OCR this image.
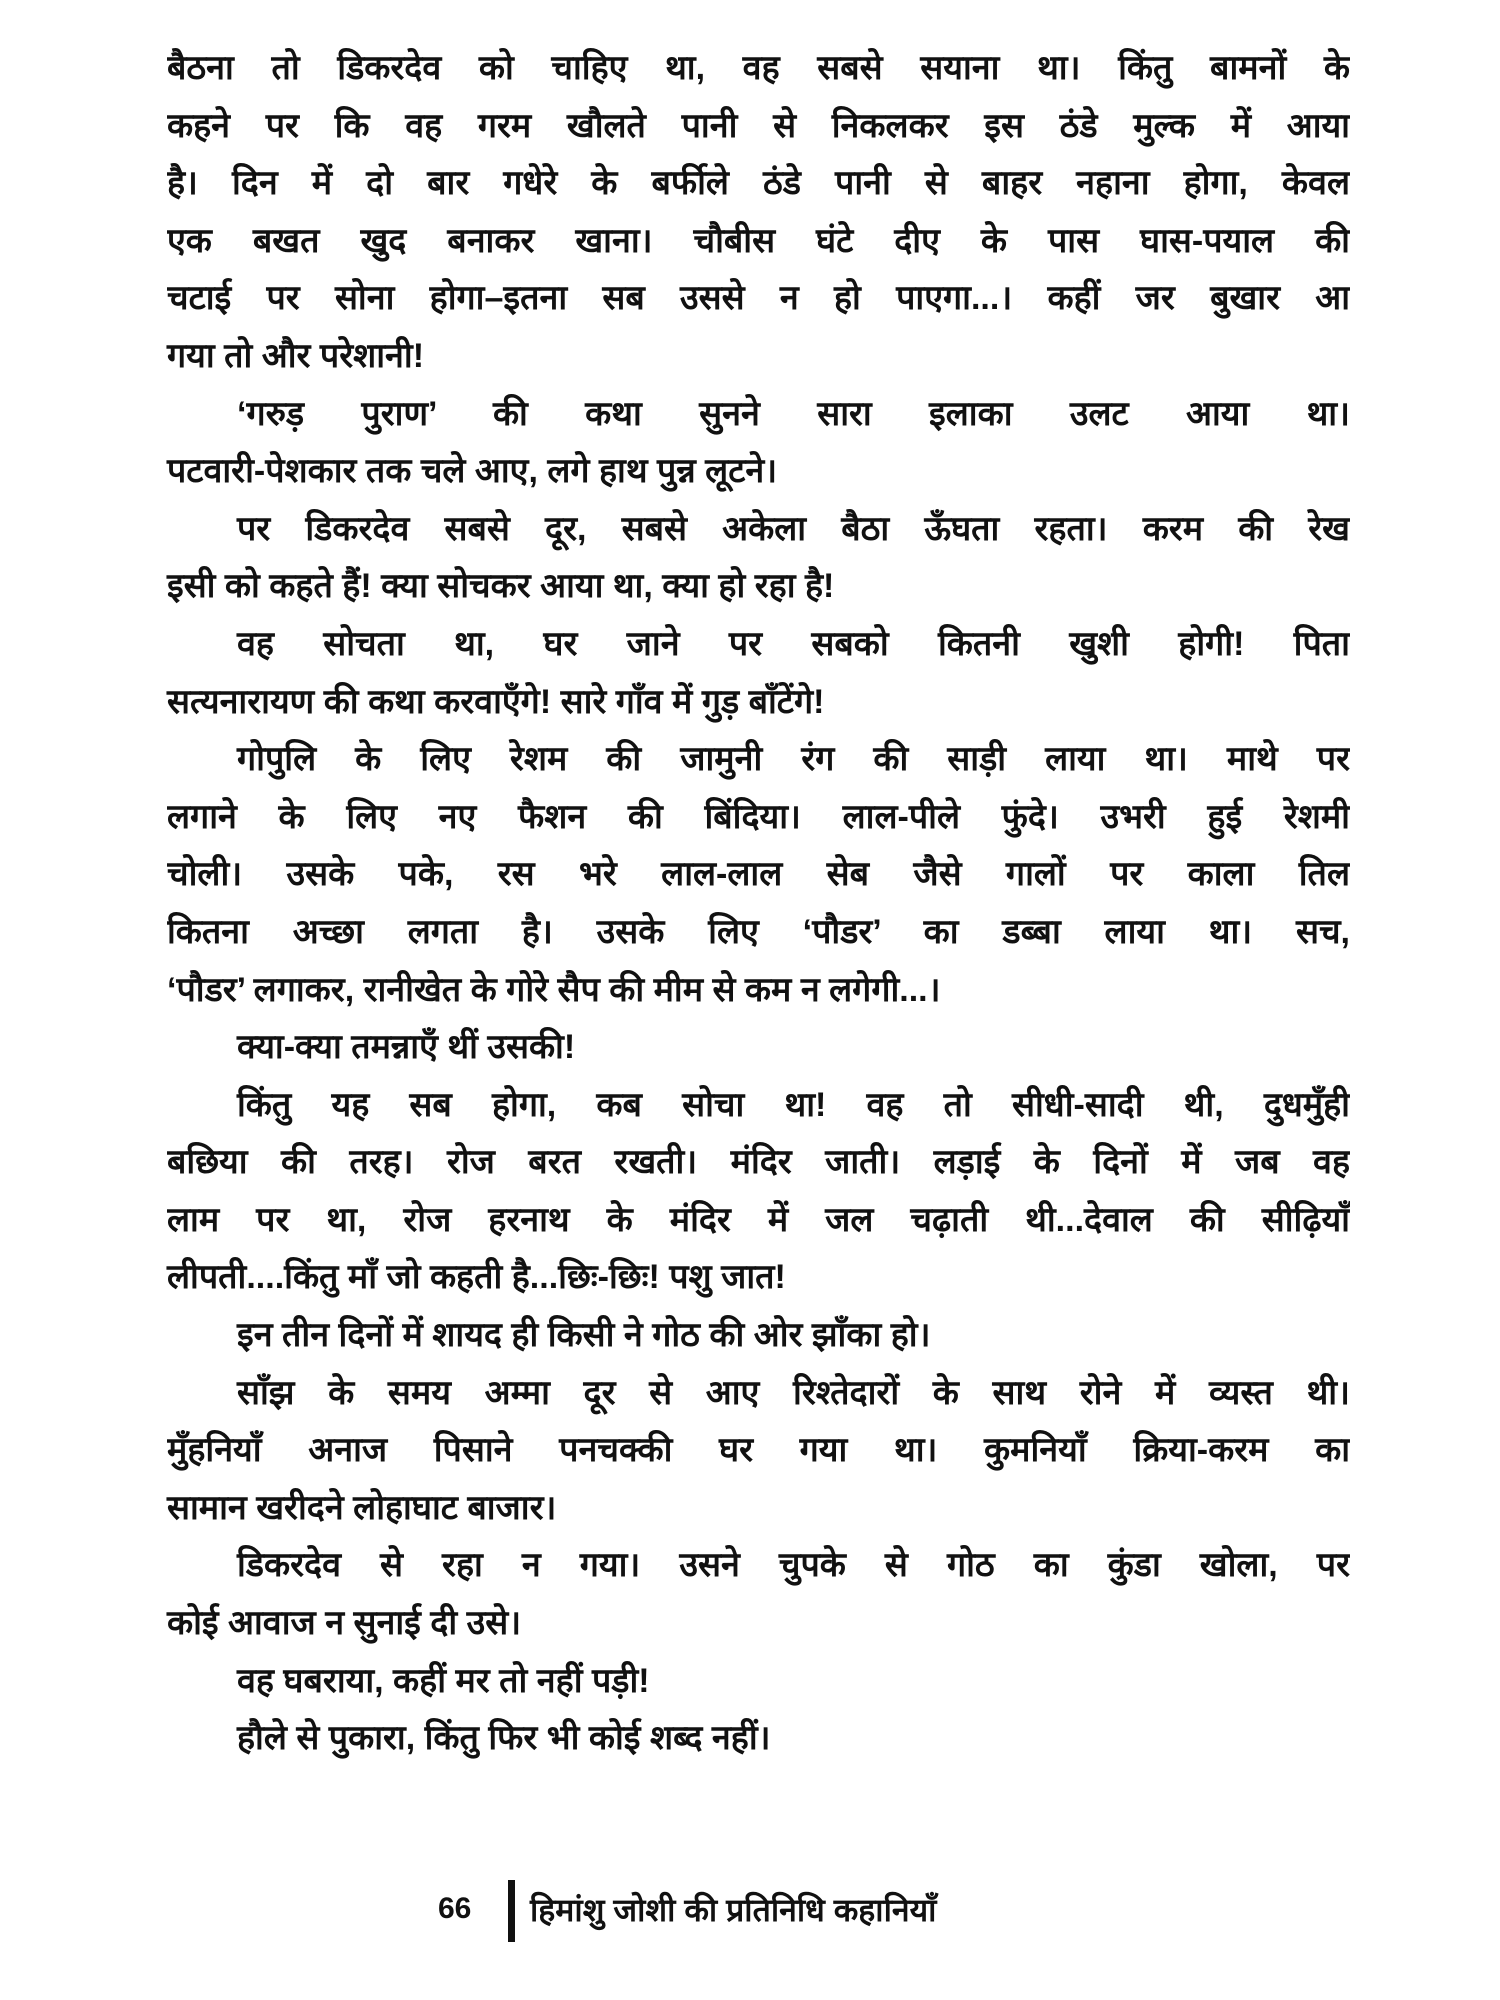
बैठना तो डिकरदेव को चाहिए था, वह सबसे सयाना था। किंतु बामनों के
कहने पर कि वह गरम खौलते पानी से निकलकर इस ठंडे मुल्क में आया
है। दिन में दो बार गधेरे के बर्फीले ठंडे पानी से बाहर नहाना होगा, केवल
एक बखत खुद बनाकर खाना। चौबीस घंटे दीए के पास घास-पयाल की
चटाई पर सोना होगा–इतना सब उससे न हो पाएगा...। कहीं जर बुखार आ
गया तो और परेशानी!
‘गरुड़ पुराण’ की कथा सुनने सारा इलाका उलट आया था।
पटवारी-पेशकार तक चले आए, लगे हाथ पुन्न लूटने।
पर डिकरदेव सबसे दूर, सबसे अकेला बैठा ऊँघता रहता। करम की रेख
इसी को कहते हैं! क्या सोचकर आया था, क्या हो रहा है!
वह सोचता था, घर जाने पर सबको कितनी खुशी होगी! पिता
सत्यनारायण की कथा करवाएँगे! सारे गाँव में गुड़ बाँटेंगे!
गोपुलि के लिए रेशम की जामुनी रंग की साड़ी लाया था। माथे पर
लगाने के लिए नए फैशन की बिंदिया। लाल-पीले फुंदे। उभरी हुई रेशमी
चोली। उसके पके, रस भरे लाल-लाल सेब जैसे गालों पर काला तिल
कितना अच्छा लगता है। उसके लिए ‘पौडर’ का डब्बा लाया था। सच,
‘पौडर’ लगाकर, रानीखेत के गोरे सैप की मीम से कम न लगेगी...।
क्या-क्या तमन्नाएँ थीं उसकी!
किंतु यह सब होगा, कब सोचा था! वह तो सीधी-सादी थी, दुधमुँही
बछिया की तरह। रोज बरत रखती। मंदिर जाती। लड़ाई के दिनों में जब वह
लाम पर था, रोज हरनाथ के मंदिर में जल चढ़ाती थी...देवाल की सीढ़ियाँ
लीपती....किंतु माँ जो कहती है...छिः-छिः! पशु जात!
इन तीन दिनों में शायद ही किसी ने गोठ की ओर झाँका हो।
साँझ के समय अम्मा दूर से आए रिश्तेदारों के साथ रोने में व्यस्त थी।
मुँहनियाँ अनाज पिसाने पनचक्की घर गया था। कुमनियाँ क्रिया-करम का
सामान खरीदने लोहाघाट बाजार।
डिकरदेव से रहा न गया। उसने चुपके से गोठ का कुंडा खोला, पर
कोई आवाज न सुनाई दी उसे।
वह घबराया, कहीं मर तो नहीं पड़ी!
हौले से पुकारा, किंतु फिर भी कोई शब्द नहीं।
66 हिमांशु जोशी की प्रतिनिधि कहानियाँ
